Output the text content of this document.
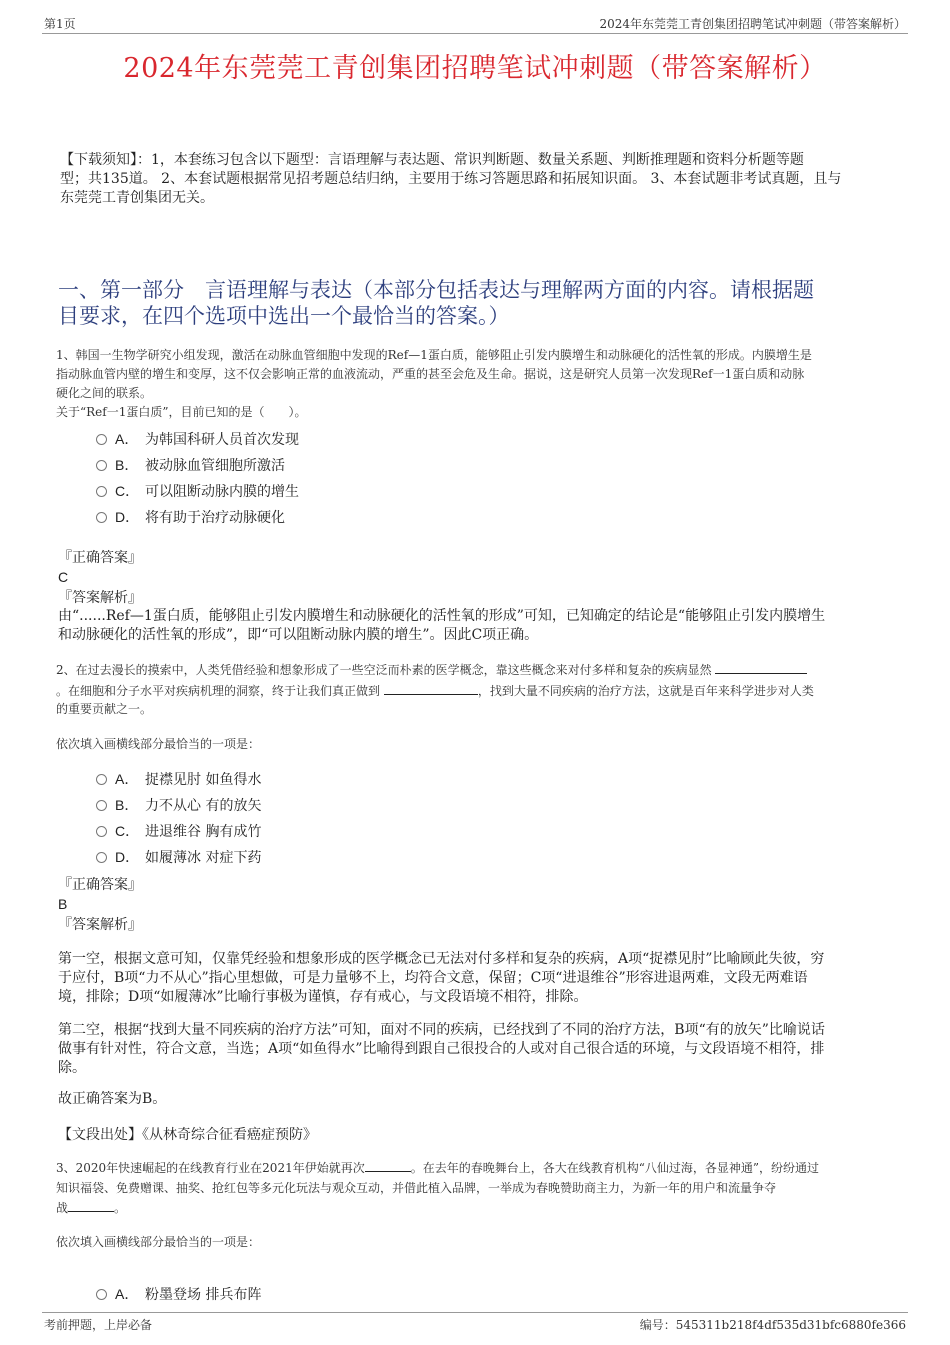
第1页	2024年东莞莞工青创集团招聘笔试冲刺题（带答案解析）
2024年东莞莞工青创集团招聘笔试冲刺题（带答案解析）
【下载须知】：1，本套练习包含以下题型：言语理解与表达题、常识判断题、数量关系题、判断推理题和资料分析题等题
型；共135道。 2、本套试题根据常见招考题总结归纳，主要用于练习答题思路和拓展知识面。 3、本套试题非考试真题，且与
东莞莞工青创集团无关。
一、第一部分　言语理解与表达（本部分包括表达与理解两方面的内容。请根据题
目要求，在四个选项中选出一个最恰当的答案。）
1、韩国一生物学研究小组发现，激活在动脉血管细胞中发现的Ref—1蛋白质，能够阻止引发内膜增生和动脉硬化的活性氧的形成。内膜增生是
指动脉血管内壁的增生和变厚，这不仅会影响正常的血液流动，严重的甚至会危及生命。据说，这是研究人员第一次发现Ref一1蛋白质和动脉
硬化之间的联系。
关于“Ref一1蛋白质”，目前已知的是（　　）。
A． 为韩国科研人员首次发现
B． 被动脉血管细胞所激活
C． 可以阻断动脉内膜的增生
D． 将有助于治疗动脉硬化
『正确答案』
C
『答案解析』
由“......Ref—1蛋白质，能够阻止引发内膜增生和动脉硬化的活性氧的形成”可知，已知确定的结论是“能够阻止引发内膜增生
和动脉硬化的活性氧的形成”，即“可以阻断动脉内膜的增生”。因此C项正确。
2、在过去漫长的摸索中，人类凭借经验和想象形成了一些空泛而朴素的医学概念，靠这些概念来对付多样和复杂的疾病显然
。在细胞和分子水平对疾病机理的洞察，终于让我们真正做到	，找到大量不同疾病的治疗方法，这就是百年来科学进步对人类
的重要贡献之一。
依次填入画横线部分最恰当的一项是：
A． 捉襟见肘 如鱼得水
B． 力不从心 有的放矢
C． 进退维谷 胸有成竹
D． 如履薄冰 对症下药
『正确答案』
B
『答案解析』
第一空，根据文意可知，仅靠凭经验和想象形成的医学概念已无法对付多样和复杂的疾病，A项“捉襟见肘”比喻顾此失彼，穷
于应付，B项“力不从心”指心里想做，可是力量够不上，均符合文意，保留；C项“进退维谷”形容进退两难，文段无两难语
境，排除；D项“如履薄冰”比喻行事极为谨慎，存有戒心，与文段语境不相符，排除。
第二空，根据“找到大量不同疾病的治疗方法”可知，面对不同的疾病，已经找到了不同的治疗方法，B项“有的放矢”比喻说话
做事有针对性，符合文意，当选；A项“如鱼得水”比喻得到跟自己很投合的人或对自己很合适的环境，与文段语境不相符，排
除。
故正确答案为B。
【文段出处】《从林奇综合征看癌症预防》
3、2020年快速崛起的在线教育行业在2021年伊始就再次	。在去年的春晚舞台上，各大在线教育机构“八仙过海，各显神通”，纷纷通过
知识福袋、免费赠课、抽奖、抢红包等多元化玩法与观众互动，并借此植入品牌，一举成为春晚赞助商主力，为新一年的用户和流量争夺
战	。
依次填入画横线部分最恰当的一项是：
A． 粉墨登场 排兵布阵
考前押题，上岸必备	编号：545311b218f4df535d31bfc6880fe366
